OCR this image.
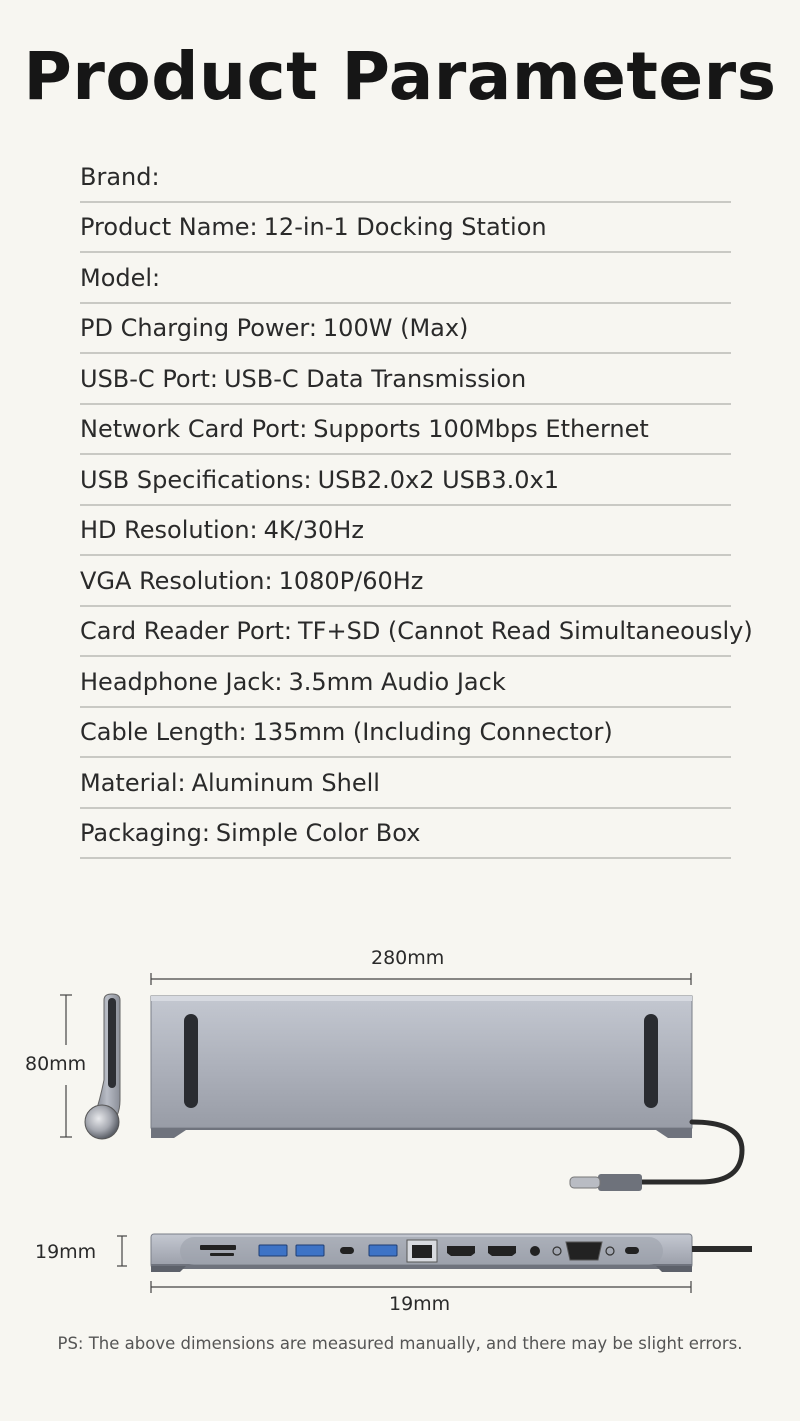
Product Parameters
Brand:
Product Name: 12-in-1 Docking Station
Model:
PD Charging Power: 100W (Max)
USB-C Port: USB-C Data Transmission
Network Card Port: Supports 100Mbps Ethernet
USB Specifications: USB2.0x2 USB3.0x1
HD Resolution: 4K/30Hz
VGA Resolution: 1080P/60Hz
Card Reader Port: TF+SD (Cannot Read Simultaneously)
Headphone Jack: 3.5mm Audio Jack
Cable Length: 135mm (Including Connector)
Material: Aluminum Shell
Packaging: Simple Color Box
280mm
80mm
19mm
19mm
PS: The above dimensions are measured manually, and there may be slight errors.
